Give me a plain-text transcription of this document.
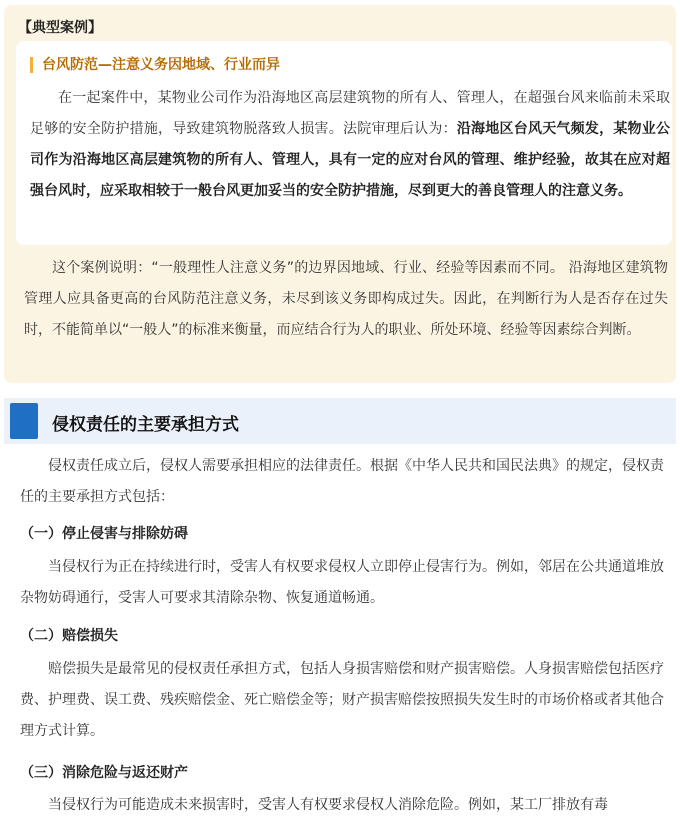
【典型案例】
台风防范—注意义务因地域、行业而异
在一起案件中，某物业公司作为沿海地区高层建筑物的所有人、管理人，在超强台风来临前未采取足够的安全防护措施，导致建筑物脱落致人损害。法院审理后认为：沿海地区台风天气频发，某物业公司作为沿海地区高层建筑物的所有人、管理人，具有一定的应对台风的管理、维护经验，故其在应对超强台风时，应采取相较于一般台风更加妥当的安全防护措施，尽到更大的善良管理人的注意义务。
这个案例说明：“一般理性人注意义务”的边界因地域、行业、经验等因素而不同。 沿海地区建筑物管理人应具备更高的台风防范注意义务，未尽到该义务即构成过失。因此，在判断行为人是否存在过失时，不能简单以“一般人”的标准来衡量，而应结合行为人的职业、所处环境、经验等因素综合判断。
侵权责任的主要承担方式
侵权责任成立后，侵权人需要承担相应的法律责任。根据《中华人民共和国民法典》的规定，侵权责任的主要承担方式包括：
（一）停止侵害与排除妨碍
当侵权行为正在持续进行时，受害人有权要求侵权人立即停止侵害行为。例如，邻居在公共通道堆放杂物妨碍通行，受害人可要求其清除杂物、恢复通道畅通。
（二）赔偿损失
赔偿损失是最常见的侵权责任承担方式，包括人身损害赔偿和财产损害赔偿。人身损害赔偿包括医疗费、护理费、误工费、残疾赔偿金、死亡赔偿金等；财产损害赔偿按照损失发生时的市场价格或者其他合理方式计算。
（三）消除危险与返还财产
当侵权行为可能造成未来损害时，受害人有权要求侵权人消除危险。例如，某工厂排放有毒
